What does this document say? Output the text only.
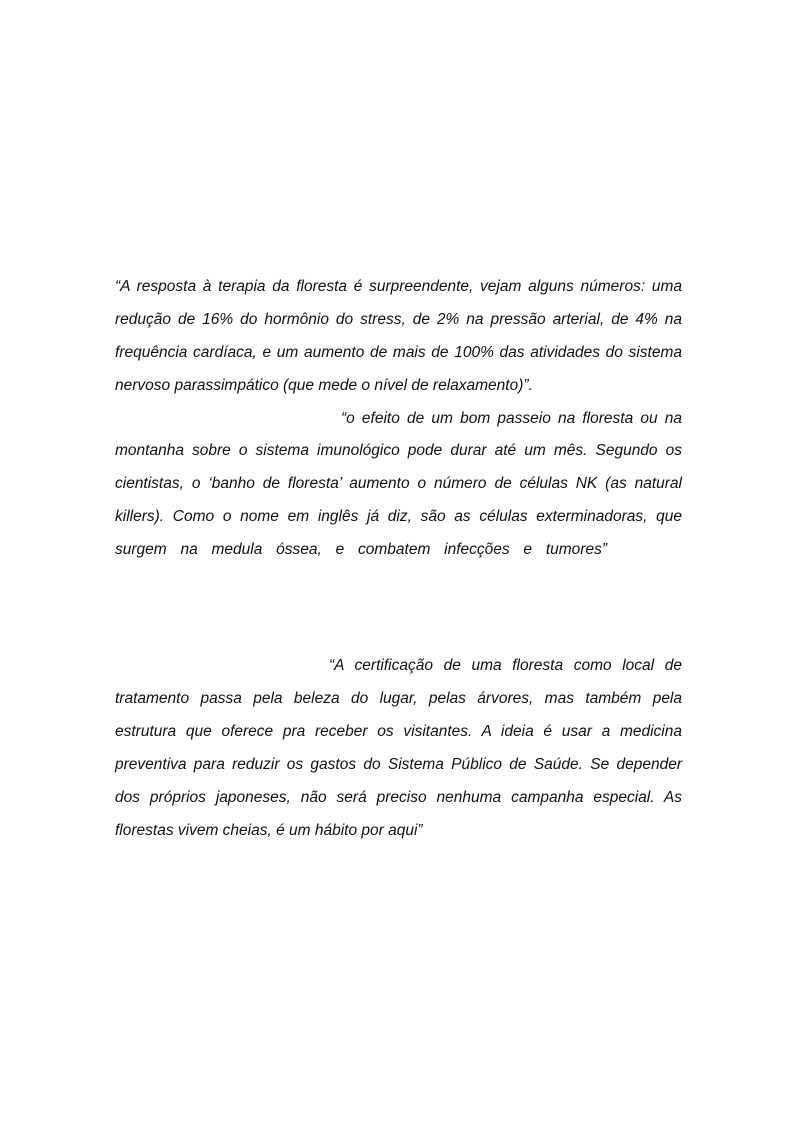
“A resposta à terapia da floresta é surpreendente, vejam alguns números: uma
redução de 16% do hormônio do stress, de 2% na pressão arterial, de 4% na
frequência cardíaca, e um aumento de mais de 100% das atividades do sistema
nervoso parassimpático (que mede o nível de relaxamento)”.
“o efeito de um bom passeio na floresta ou na
montanha sobre o sistema imunológico pode durar até um mês. Segundo os
cientistas, o ‘banho de floresta’ aumento o número de células NK (as natural
killers). Como o nome em inglês já diz, são as células exterminadoras, que
surgem na medula óssea, e combatem infecções e tumores”
“A certificação de uma floresta como local de
tratamento passa pela beleza do lugar, pelas árvores, mas também pela
estrutura que oferece pra receber os visitantes. A ideia é usar a medicina
preventiva para reduzir os gastos do Sistema Público de Saúde. Se depender
dos próprios japoneses, não será preciso nenhuma campanha especial. As
florestas vivem cheias, é um hábito por aqui”
